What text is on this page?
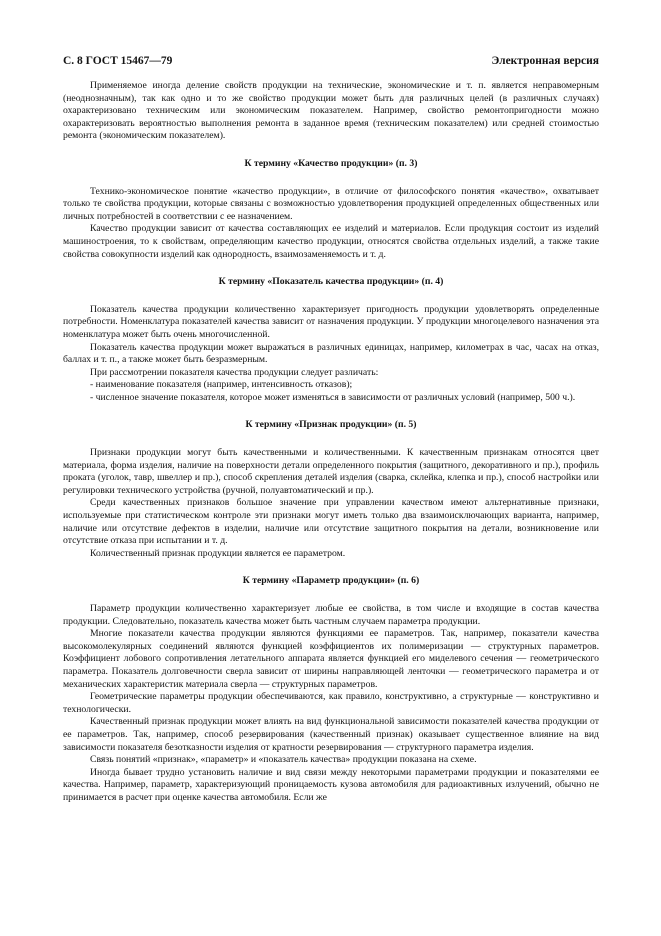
С. 8 ГОСТ 15467—79	Электронная версия

Применяемое иногда деление свойств продукции на технические, экономические и т. п. является неправомерным (неоднозначным), так как одно и то же свойство продукции может быть для различных целей (в различных случаях) охарактеризовано техническим или экономическим показателем. Например, свойство ремонтопригодности можно охарактеризовать вероятностью выполнения ремонта в заданное время (техническим показателем) или средней стоимостью ремонта (экономическим показателем).

К термину «Качество продукции» (п. 3)

Технико-экономическое понятие «качество продукции», в отличие от философского понятия «качество», охватывает только те свойства продукции, которые связаны с возможностью удовлетворения продукцией определенных общественных или личных потребностей в соответствии с ее назначением.

Качество продукции зависит от качества составляющих ее изделий и материалов. Если продукция состоит из изделий машиностроения, то к свойствам, определяющим качество продукции, относятся свойства отдельных изделий, а также такие свойства совокупности изделий как однородность, взаимозаменяемость и т. д.

К термину «Показатель качества продукции» (п. 4)

Показатель качества продукции количественно характеризует пригодность продукции удовлетворять определенные потребности. Номенклатура показателей качества зависит от назначения продукции. У продукции многоцелевого назначения эта номенклатура может быть очень многочисленной.

Показатель качества продукции может выражаться в различных единицах, например, километрах в час, часах на отказ, баллах и т. п., а также может быть безразмерным.

При рассмотрении показателя качества продукции следует различать:

- наименование показателя (например, интенсивность отказов);

- численное значение показателя, которое может изменяться в зависимости от различных условий (например, 500 ч.).

К термину «Признак продукции» (п. 5)

Признаки продукции могут быть качественными и количественными. К качественным признакам относятся цвет материала, форма изделия, наличие на поверхности детали определенного покрытия (защитного, декоративного и пр.), профиль проката (уголок, тавр, швеллер и пр.), способ скрепления деталей изделия (сварка, склейка, клепка и пр.), способ настройки или регулировки технического устройства (ручной, полуавтоматический и пр.).

Среди качественных признаков большое значение при управлении качеством имеют альтернативные признаки, используемые при статистическом контроле эти признаки могут иметь только два взаимоисключающих варианта, например, наличие или отсутствие дефектов в изделии, наличие или отсутствие защитного покрытия на детали, возникновение или отсутствие отказа при испытании и т. д.

Количественный признак продукции является ее параметром.

К термину «Параметр продукции» (п. 6)

Параметр продукции количественно характеризует любые ее свойства, в том числе и входящие в состав качества продукции. Следовательно, показатель качества может быть частным случаем параметра продукции.

Многие показатели качества продукции являются функциями ее параметров. Так, например, показатели качества высокомолекулярных соединений являются функцией коэффициентов их полимеризации — структурных параметров. Коэффициент лобового сопротивления летательного аппарата является функцией его миделевого сечения — геометрического параметра. Показатель долговечности сверла зависит от ширины направляющей ленточки — геометрического параметра и от механических характеристик материала сверла — структурных параметров.

Геометрические параметры продукции обеспечиваются, как правило, конструктивно, а структурные — конструктивно и технологически.

Качественный признак продукции может влиять на вид функциональной зависимости показателей качества продукции от ее параметров. Так, например, способ резервирования (качественный признак) оказывает существенное влияние на вид зависимости показателя безотказности изделия от кратности резервирования — структурного параметра изделия.

Связь понятий «признак», «параметр» и «показатель качества» продукции показана на схеме.

Иногда бывает трудно установить наличие и вид связи между некоторыми параметрами продукции и показателями ее качества. Например, параметр, характеризующий проницаемость кузова автомобиля для радиоактивных излучений, обычно не принимается в расчет при оценке качества автомобиля. Если же
